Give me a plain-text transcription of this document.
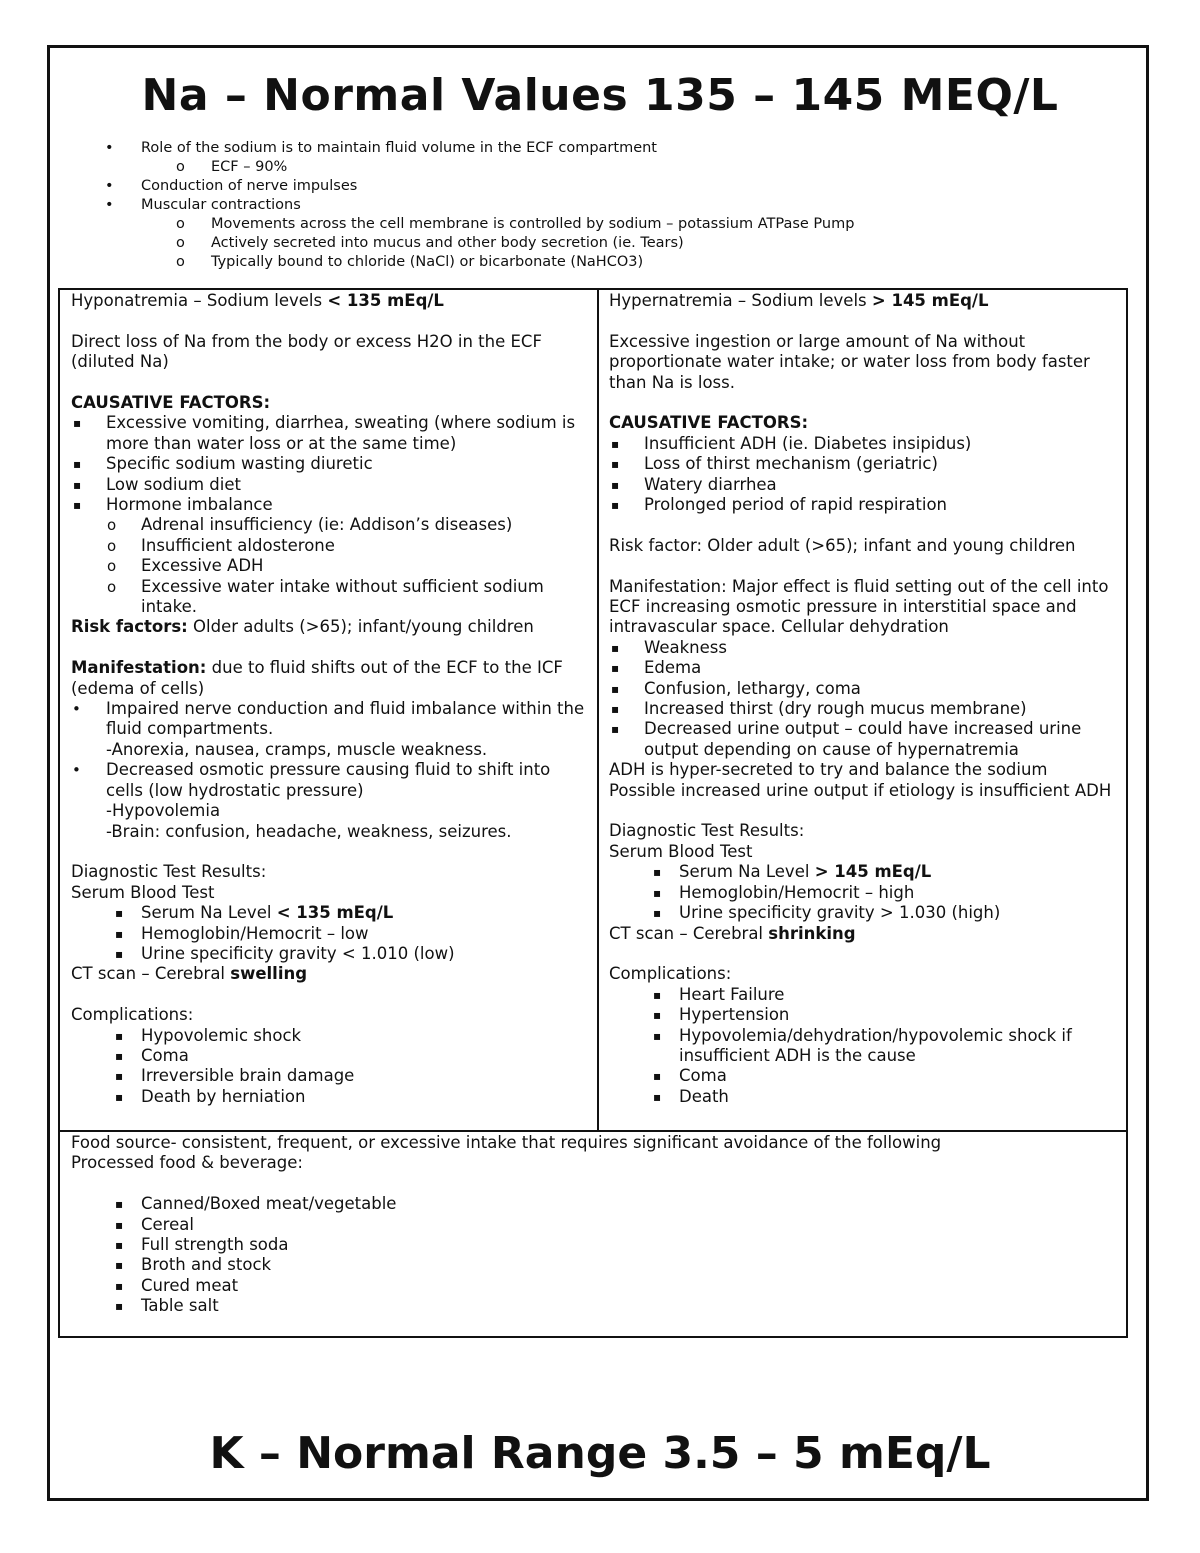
Na – Normal Values 135 – 145 MEQ/L
• Role of the sodium is to maintain fluid volume in the ECF compartment
o ECF – 90%
• Conduction of nerve impulses
• Muscular contractions
o Movements across the cell membrane is controlled by sodium – potassium ATPase Pump
o Actively secreted into mucus and other body secretion (ie. Tears)
o Typically bound to chloride (NaCl) or bicarbonate (NaHCO3)

Hyponatremia – Sodium levels < 135 mEq/L

Direct loss of Na from the body or excess H2O in the ECF (diluted Na)

CAUSATIVE FACTORS:

▪ Excessive vomiting, diarrhea, sweating (where sodium is more than water loss or at the same time)
▪ Specific sodium wasting diuretic
▪ Low sodium diet
▪ Hormone imbalance
o Adrenal insufficiency (ie: Addison’s diseases)
o Insufficient aldosterone
o Excessive ADH
o Excessive water intake without sufficient sodium intake.

Risk factors: Older adults (>65); infant/young children

Manifestation: due to fluid shifts out of the ECF to the ICF (edema of cells)

• Impaired nerve conduction and fluid imbalance within the fluid compartments.
-Anorexia, nausea, cramps, muscle weakness.
• Decreased osmotic pressure causing fluid to shift into cells (low hydrostatic pressure)
-Hypovolemia
-Brain: confusion, headache, weakness, seizures.

Diagnostic Test Results:

Serum Blood Test

▪ Serum Na Level < 135 mEq/L
▪ Hemoglobin/Hemocrit – low
▪ Urine specificity gravity < 1.010 (low)

CT scan – Cerebral swelling

Complications:

▪ Hypovolemic shock
▪ Coma
▪ Irreversible brain damage
▪ Death by herniation

Hypernatremia – Sodium levels > 145 mEq/L

Excessive ingestion or large amount of Na without proportionate water intake; or water loss from body faster than Na is loss.

CAUSATIVE FACTORS:

▪ Insufficient ADH (ie. Diabetes insipidus)
▪ Loss of thirst mechanism (geriatric)
▪ Watery diarrhea
▪ Prolonged period of rapid respiration

Risk factor: Older adult (>65); infant and young children

Manifestation: Major effect is fluid setting out of the cell into ECF increasing osmotic pressure in interstitial space and intravascular space. Cellular dehydration

▪ Weakness
▪ Edema
▪ Confusion, lethargy, coma
▪ Increased thirst (dry rough mucus membrane)
▪ Decreased urine output – could have increased urine output depending on cause of hypernatremia

ADH is hyper-secreted to try and balance the sodium

Possible increased urine output if etiology is insufficient ADH

Diagnostic Test Results:

Serum Blood Test

▪ Serum Na Level > 145 mEq/L
▪ Hemoglobin/Hemocrit – high
▪ Urine specificity gravity > 1.030 (high)

CT scan – Cerebral shrinking

Complications:

▪ Heart Failure
▪ Hypertension
▪ Hypovolemia/dehydration/hypovolemic shock if insufficient ADH is the cause
▪ Coma
▪ Death

Food source- consistent, frequent, or excessive intake that requires significant avoidance of the following

Processed food & beverage:

▪ Canned/Boxed meat/vegetable
▪ Cereal
▪ Full strength soda
▪ Broth and stock
▪ Cured meat
▪ Table salt
K – Normal Range 3.5 – 5 mEq/L
